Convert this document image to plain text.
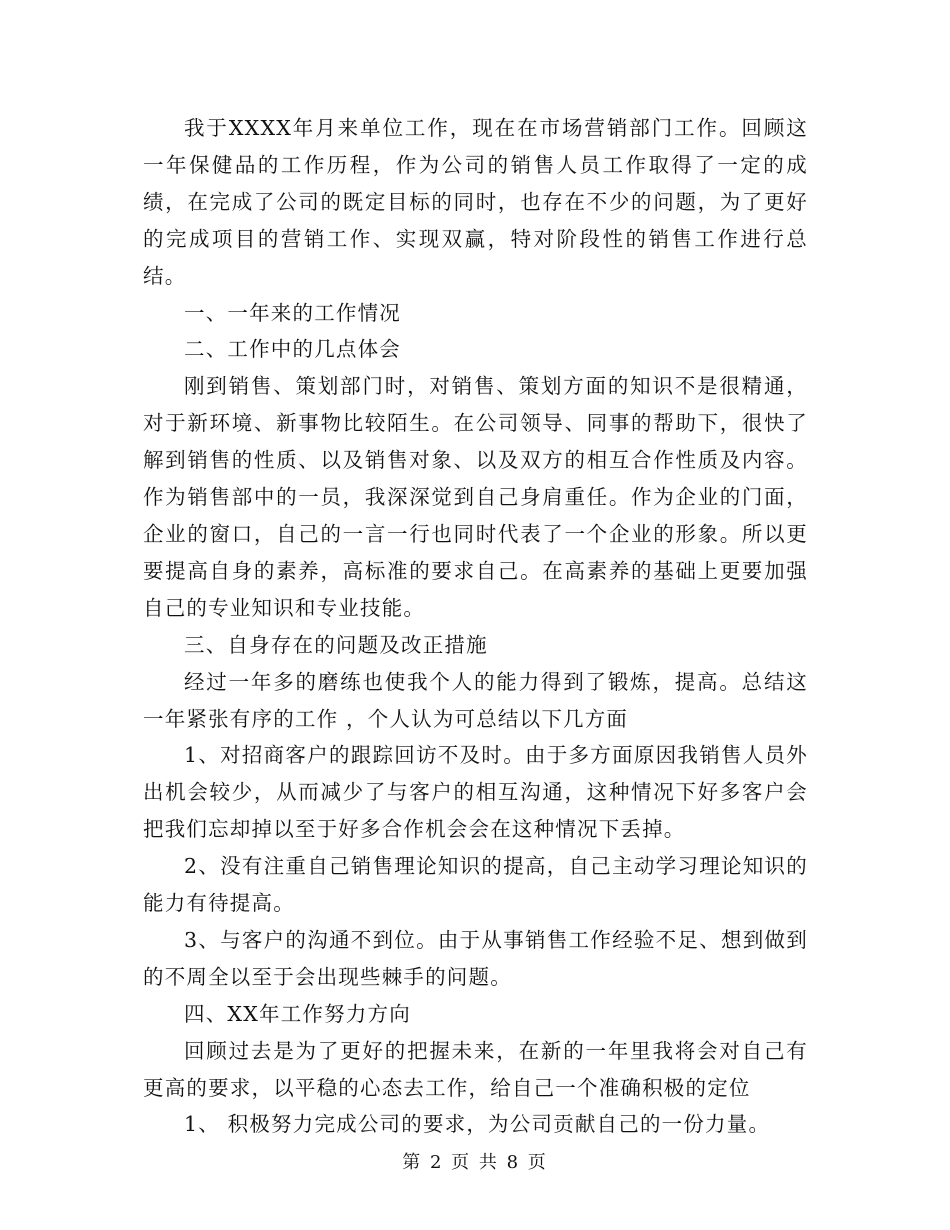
我于XXXX年月来单位工作，现在在市场营销部门工作。回顾这一年保健品的工作历程，作为公司的销售人员工作取得了一定的成绩，在完成了公司的既定目标的同时，也存在不少的问题，为了更好的完成项目的营销工作、实现双赢，特对阶段性的销售工作进行总结。

一、一年来的工作情况

二、工作中的几点体会

刚到销售、策划部门时，对销售、策划方面的知识不是很精通，对于新环境、新事物比较陌生。在公司领导、同事的帮助下，很快了解到销售的性质、以及销售对象、以及双方的相互合作性质及内容。作为销售部中的一员，我深深觉到自己身肩重任。作为企业的门面，企业的窗口，自己的一言一行也同时代表了一个企业的形象。所以更要提高自身的素养，高标准的要求自己。在高素养的基础上更要加强自己的专业知识和专业技能。

三、自身存在的问题及改正措施

经过一年多的磨练也使我个人的能力得到了锻炼，提高。总结这一年紧张有序的工作 ，个人认为可总结以下几方面

1、对招商客户的跟踪回访不及时。由于多方面原因我销售人员外出机会较少，从而减少了与客户的相互沟通，这种情况下好多客户会把我们忘却掉以至于好多合作机会会在这种情况下丢掉。

2、没有注重自己销售理论知识的提高，自己主动学习理论知识的能力有待提高。

3、与客户的沟通不到位。由于从事销售工作经验不足、想到做到的不周全以至于会出现些棘手的问题。

四、XX年工作努力方向

回顾过去是为了更好的把握未来，在新的一年里我将会对自己有更高的要求，以平稳的心态去工作，给自己一个准确积极的定位

1、 积极努力完成公司的要求，为公司贡献自己的一份力量。

第 2 页 共 8 页
